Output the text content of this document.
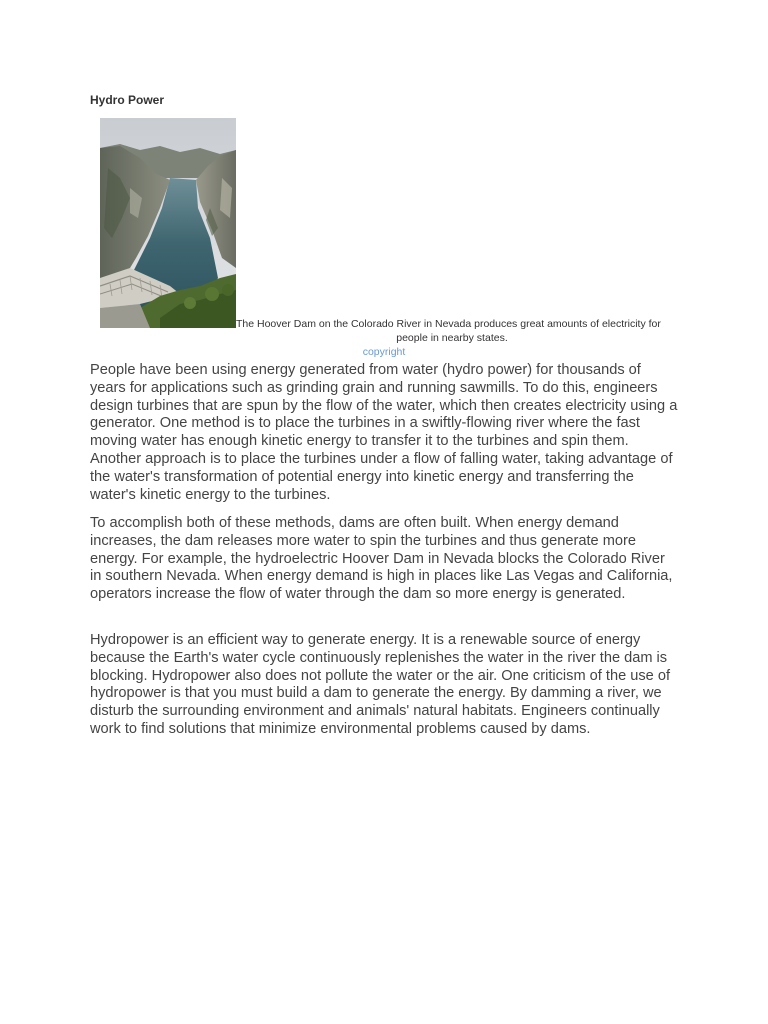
Hydro Power
The Hoover Dam on the Colorado River in Nevada produces great amounts of electricity for
people in nearby states.
copyright

People have been using energy generated from water (hydro power) for thousands of years for applications such as grinding grain and running sawmills. To do this, engineers design turbines that are spun by the flow of the water, which then creates electricity using a generator. One method is to place the turbines in a swiftly-flowing river where the fast moving water has enough kinetic energy to transfer it to the turbines and spin them. Another approach is to place the turbines under a flow of falling water, taking advantage of the water's transformation of potential energy into kinetic energy and transferring the water's kinetic energy to the turbines.

To accomplish both of these methods, dams are often built. When energy demand increases, the dam releases more water to spin the turbines and thus generate more energy. For example, the hydroelectric Hoover Dam in Nevada blocks the Colorado River in southern Nevada. When energy demand is high in places like Las Vegas and California, operators increase the flow of water through the dam so more energy is generated.

Hydropower is an efficient way to generate energy. It is a renewable source of energy because the Earth's water cycle continuously replenishes the water in the river the dam is blocking. Hydropower also does not pollute the water or the air. One criticism of the use of hydropower is that you must build a dam to generate the energy. By damming a river, we disturb the surrounding environment and animals' natural habitats. Engineers continually work to find solutions that minimize environmental problems caused by dams.
